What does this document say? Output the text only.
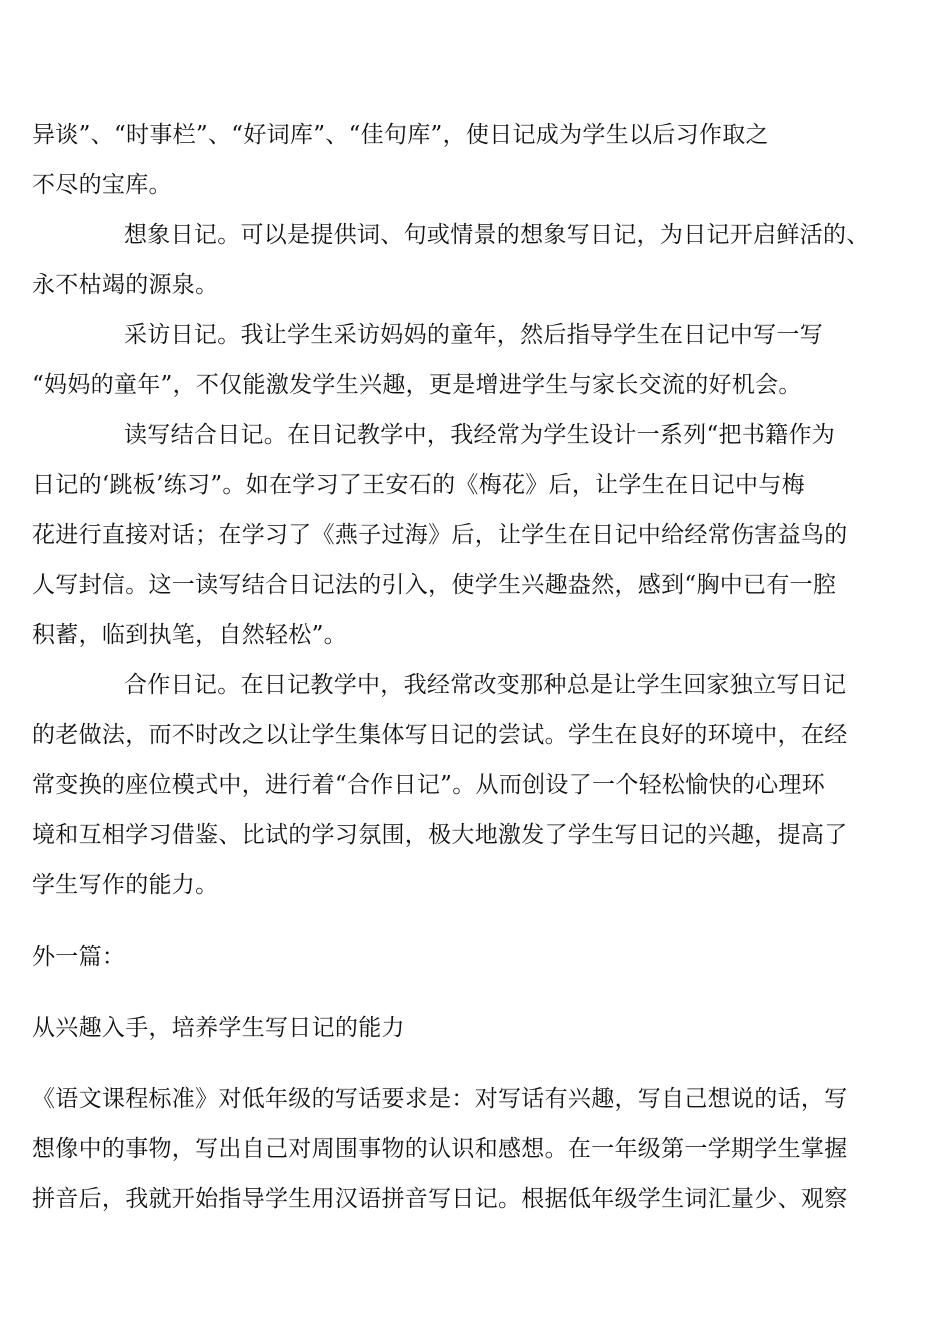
异谈”、“时事栏”、“好词库”、“佳句库”，使日记成为学生以后习作取之
不尽的宝库。

想象日记。可以是提供词、句或情景的想象写日记，为日记开启鲜活的、
永不枯竭的源泉。

采访日记。我让学生采访妈妈的童年，然后指导学生在日记中写一写
“妈妈的童年”，不仅能激发学生兴趣，更是增进学生与家长交流的好机会。

读写结合日记。在日记教学中，我经常为学生设计一系列“把书籍作为
日记的‘跳板’练习”。如在学习了王安石的《梅花》后，让学生在日记中与梅
花进行直接对话；在学习了《燕子过海》后，让学生在日记中给经常伤害益鸟的
人写封信。这一读写结合日记法的引入，使学生兴趣盎然，感到“胸中已有一腔
积蓄，临到执笔，自然轻松”。

合作日记。在日记教学中，我经常改变那种总是让学生回家独立写日记
的老做法，而不时改之以让学生集体写日记的尝试。学生在良好的环境中，在经
常变换的座位模式中，进行着“合作日记”。从而创设了一个轻松愉快的心理环
境和互相学习借鉴、比试的学习氛围，极大地激发了学生写日记的兴趣，提高了
学生写作的能力。

外一篇：

从兴趣入手，培养学生写日记的能力

《语文课程标准》对低年级的写话要求是：对写话有兴趣，写自己想说的话，写
想像中的事物，写出自己对周围事物的认识和感想。在一年级第一学期学生掌握
拼音后，我就开始指导学生用汉语拼音写日记。根据低年级学生词汇量少、观察
